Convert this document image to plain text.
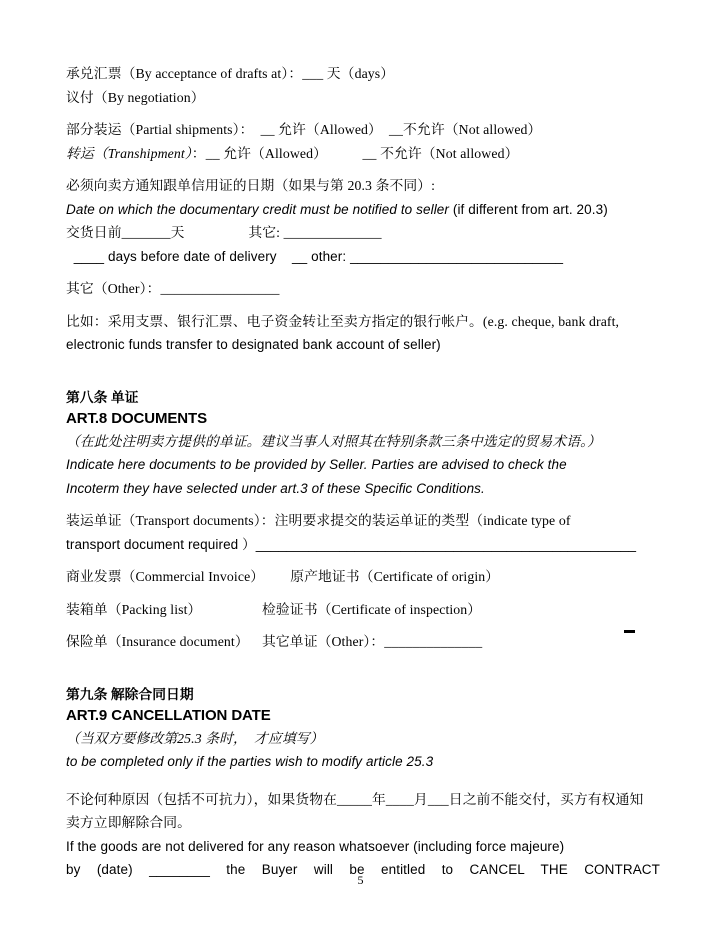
承兑汇票（By acceptance of drafts at）：___ 天（days）
议付（By negotiation）
部分装运（Partial shipments）：  __ 允许（Allowed）  __不允许（Not allowed）
转运（Transhipment）：__ 允许（Allowed）          __ 不允许（Not allowed）
必须向卖方通知跟单信用证的日期（如果与第 20.3 条不同）:
Date on which the documentary credit must be notified to seller (if different from art. 20.3)
交货日前_______天                  其它: ______________
____ days before date of delivery    __ other: ____________________________
其它（Other）：_________________
比如：采用支票、银行汇票、电子资金转让至卖方指定的银行帐户。(e.g. cheque, bank draft,
electronic funds transfer to designated bank account of seller)
第八条 单证
ART.8 DOCUMENTS
（在此处注明卖方提供的单证。建议当事人对照其在特别条款三条中选定的贸易术语。）
Indicate here documents to be provided by Seller. Parties are advised to check the
Incoterm they have selected under art.3 of these Specific Conditions.
装运单证（Transport documents）：注明要求提交的装运单证的类型（indicate type of
transport document required ）__________________________________________________
商业发票（Commercial Invoice） 原产地证书（Certificate of origin）
装箱单（Packing list）	检验证书（Certificate of inspection）
保险单（Insurance document） 其它单证（Other）：______________
第九条 解除合同日期
ART.9 CANCELLATION DATE
（当双方要修改第25.3 条时，  才应填写）
to be completed only if the parties wish to modify article 25.3
不论何种原因（包括不可抗力），如果货物在_____年____月___日之前不能交付，买方有权通知
卖方立即解除合同。
If the goods are not delivered for any reason whatsoever (including force majeure)
by (date) ________ the Buyer will be entitled to CANCEL THE CONTRACT
5
